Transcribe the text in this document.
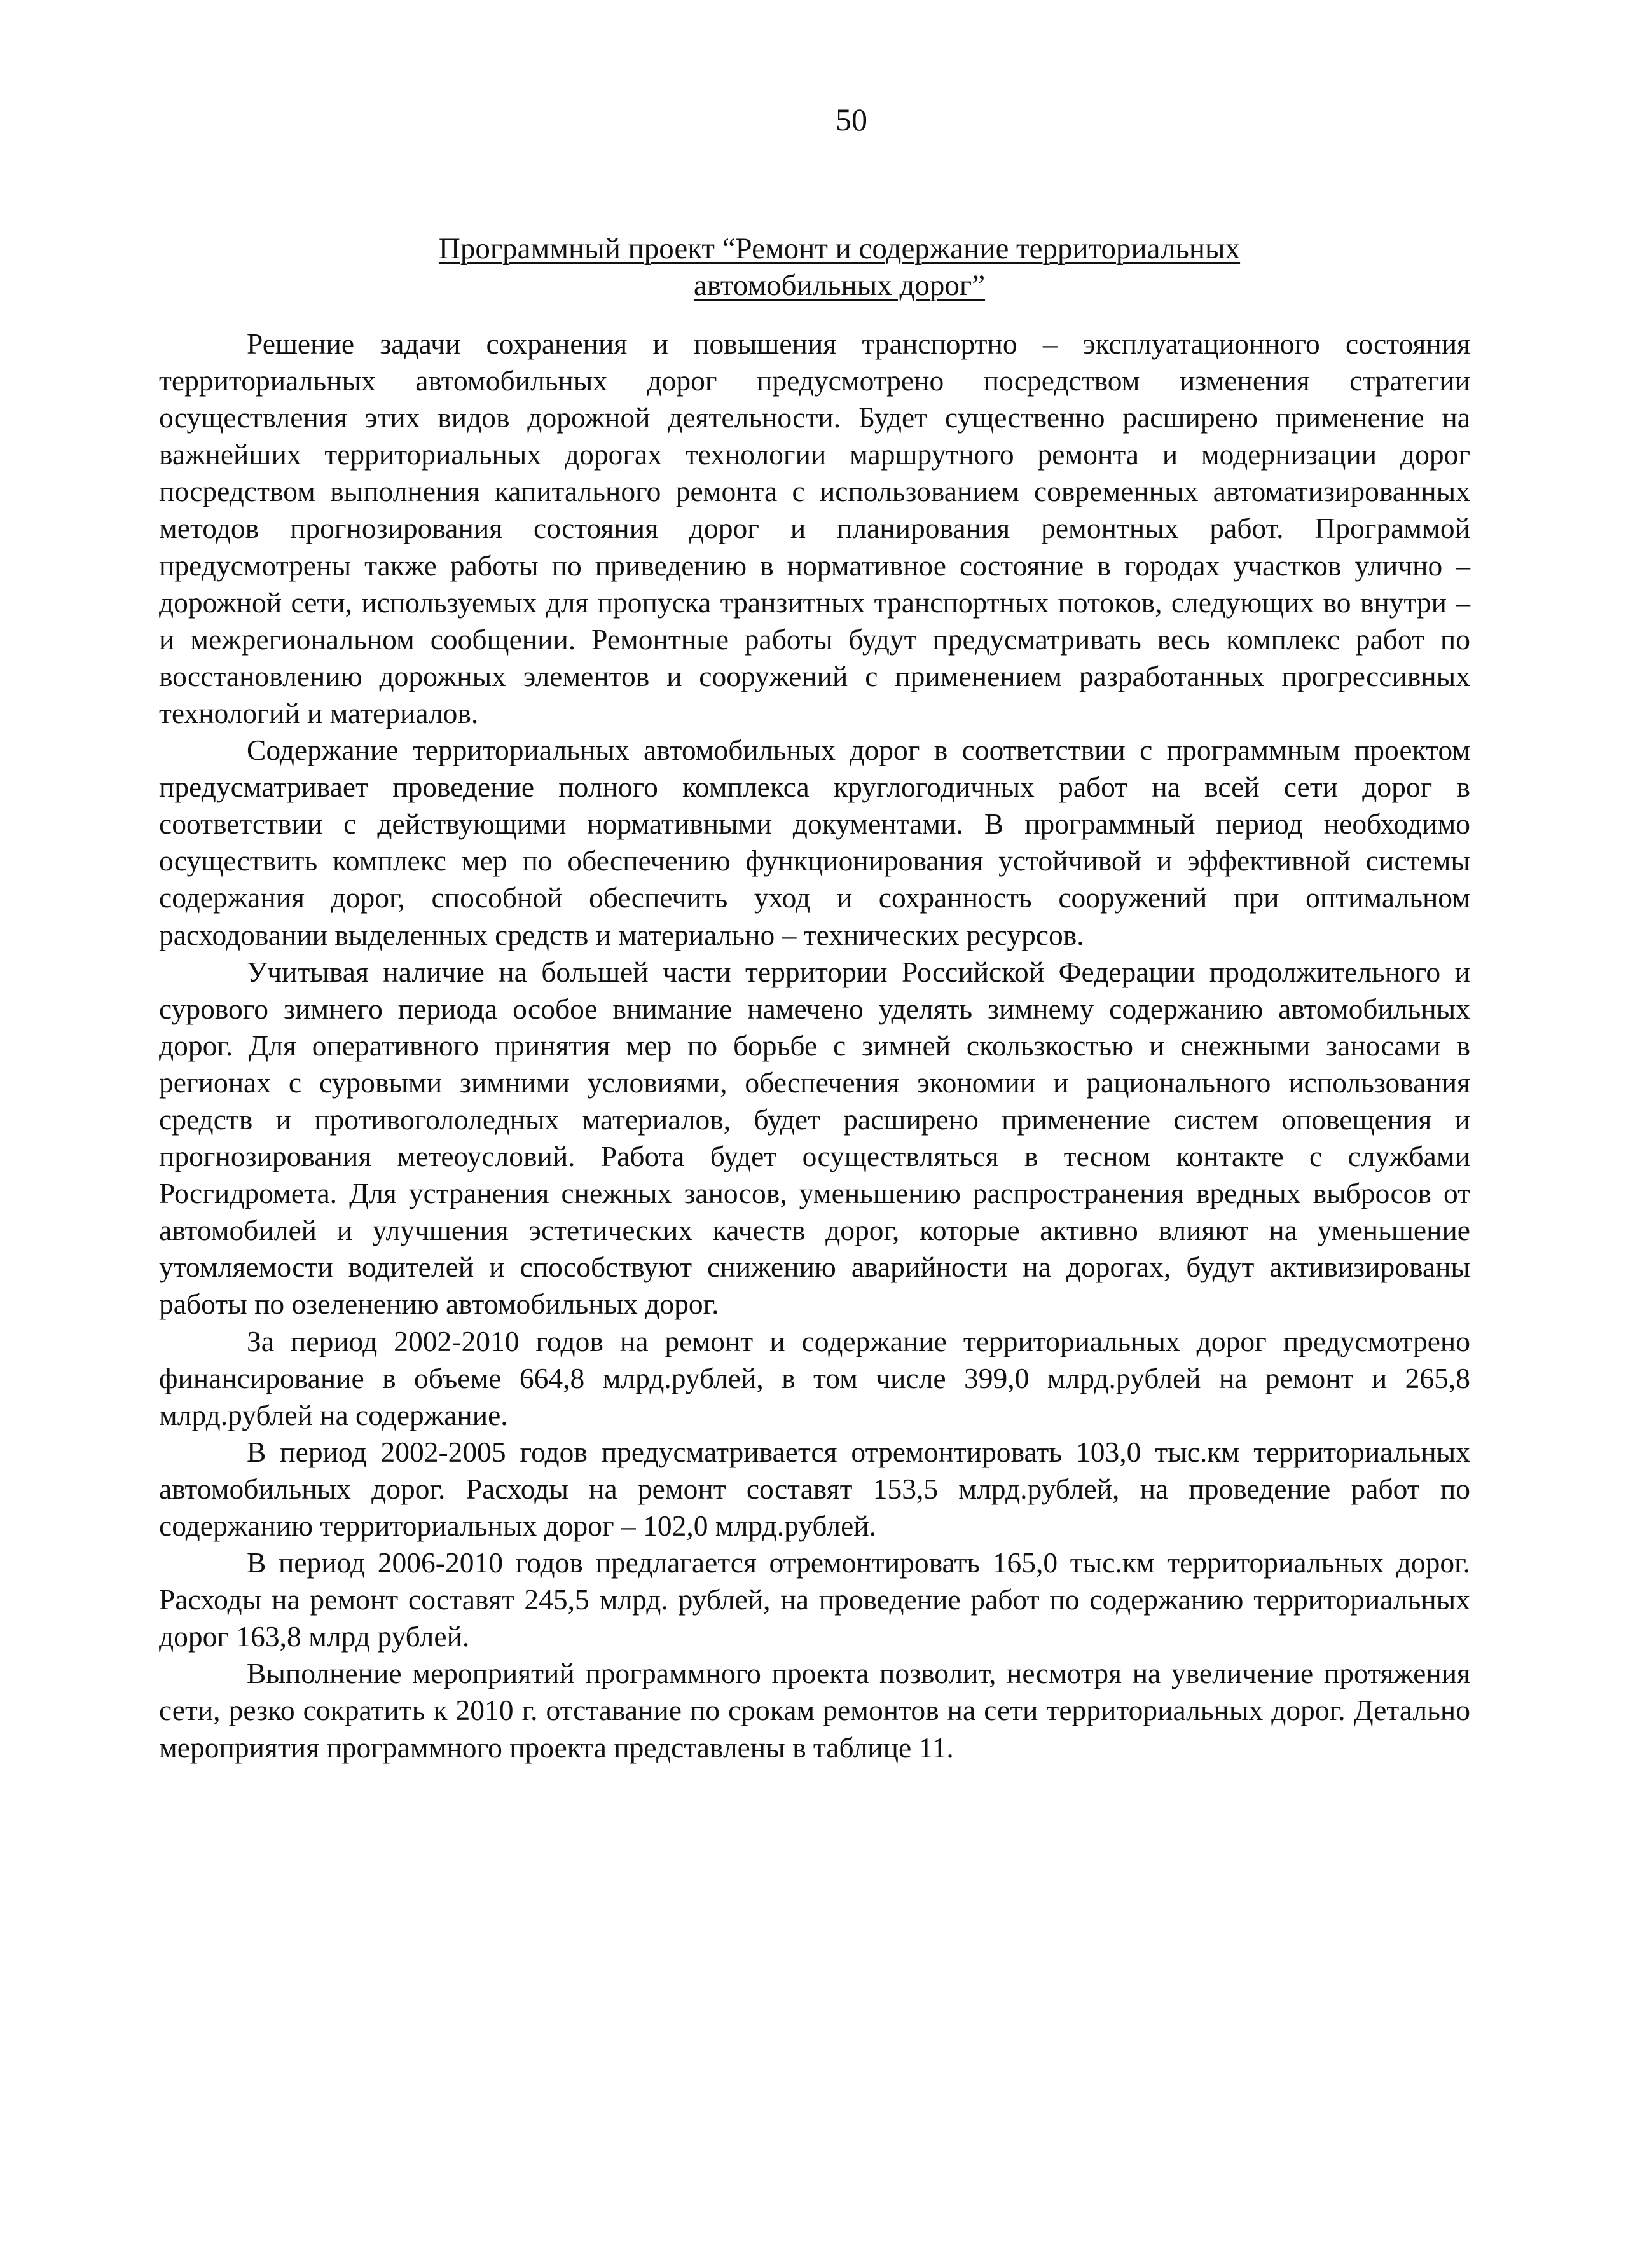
50
Программный проект “Ремонт и содержание территориальных
автомобильных дорог”

Решение задачи сохранения и повышения транспортно – эксплуатационного состояния территориальных автомобильных дорог предусмотрено посредством изменения стратегии осуществления этих видов дорожной деятельности. Будет существенно расширено применение на важнейших территориальных дорогах технологии маршрутного ремонта и модернизации дорог посредством выполнения капитального ремонта с использованием современных автоматизированных методов прогнозирования состояния дорог и планирования ремонтных работ. Программой предусмотрены также работы по приведению в нормативное состояние в городах участков улично – дорожной сети, используемых для пропуска транзитных транспортных потоков, следующих во внутри – и межрегиональном сообщении. Ремонтные работы будут предусматривать весь комплекс работ по восстановлению дорожных элементов и сооружений с применением разработанных прогрессивных технологий и материалов.

Содержание территориальных автомобильных дорог в соответствии с программным проектом предусматривает проведение полного комплекса круглогодичных работ на всей сети дорог в соответствии с действующими нормативными документами. В программный период необходимо осуществить комплекс мер по обеспечению функционирования устойчивой и эффективной системы содержания дорог, способной обеспечить уход и сохранность сооружений при оптимальном расходовании выделенных средств и материально – технических ресурсов.

Учитывая наличие на большей части территории Российской Федерации продолжительного и сурового зимнего периода особое внимание намечено уделять зимнему содержанию автомобильных дорог. Для оперативного принятия мер по борьбе с зимней скользкостью и снежными заносами в регионах с суровыми зимними условиями, обеспечения экономии и рационального использования средств и противогололедных материалов, будет расширено применение систем оповещения и прогнозирования метеоусловий. Работа будет осуществляться в тесном контакте с службами Росгидромета. Для устранения снежных заносов, уменьшению распространения вредных выбросов от автомобилей и улучшения эстетических качеств дорог, которые активно влияют на уменьшение утомляемости водителей и способствуют снижению аварийности на дорогах, будут активизированы работы по озеленению автомобильных дорог.

За период 2002-2010 годов на ремонт и содержание территориальных дорог предусмотрено финансирование в объеме 664,8 млрд.рублей, в том числе 399,0 млрд.рублей на ремонт и 265,8 млрд.рублей на содержание.

В период 2002-2005 годов предусматривается отремонтировать 103,0 тыс.км территориальных автомобильных дорог. Расходы на ремонт составят 153,5 млрд.рублей, на проведение работ по содержанию территориальных дорог – 102,0 млрд.рублей.

В период 2006-2010 годов предлагается отремонтировать 165,0 тыс.км территориальных дорог. Расходы на ремонт составят 245,5 млрд. рублей, на проведение работ по содержанию территориальных дорог 163,8 млрд рублей.

Выполнение мероприятий программного проекта позволит, несмотря на увеличение протяжения сети, резко сократить к 2010 г. отставание по срокам ремонтов на сети территориальных дорог. Детально мероприятия программного проекта представлены в таблице 11.
